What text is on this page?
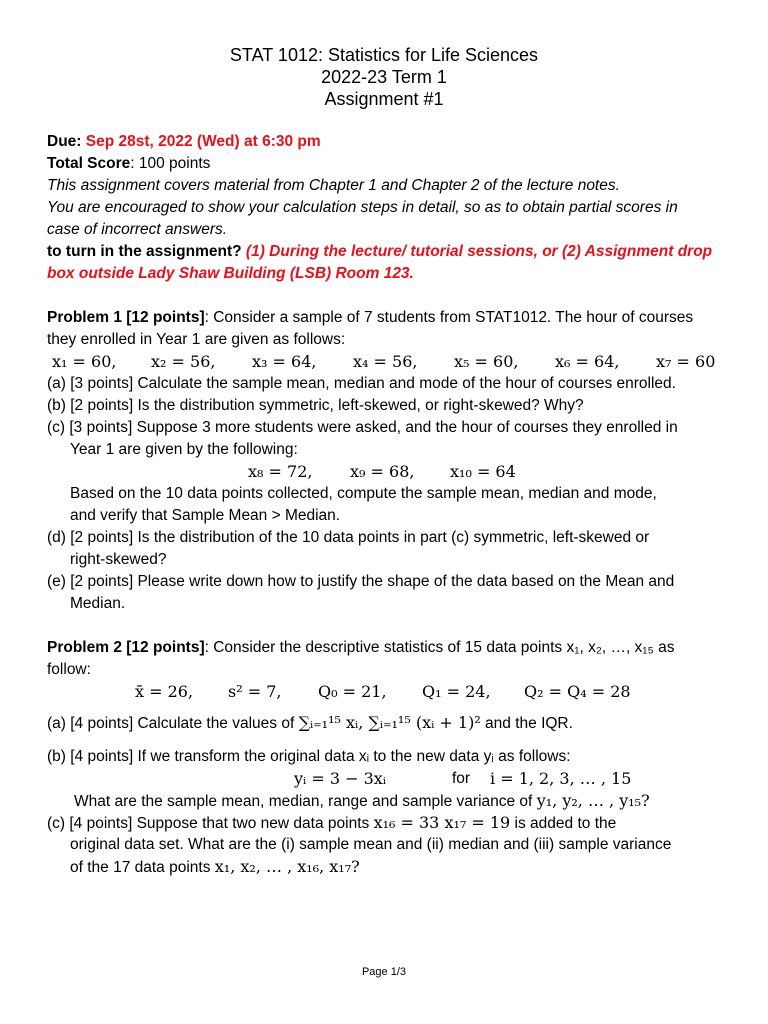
STAT 1012: Statistics for Life Sciences
2022-23 Term 1
Assignment #1
Due: Sep 28st, 2022 (Wed) at 6:30 pm
Total Score: 100 points
This assignment covers material from Chapter 1 and Chapter 2 of the lecture notes.
You are encouraged to show your calculation steps in detail, so as to obtain partial scores in
case of incorrect answers.
to turn in the assignment? (1) During the lecture/ tutorial sessions, or (2) Assignment drop
box outside Lady Shaw Building (LSB) Room 123.
Problem 1 [12 points]: Consider a sample of 7 students from STAT1012. The hour of courses
they enrolled in Year 1 are given as follows:
x₁ = 60, x₂ = 56, x₃ = 64, x₄ = 56, x₅ = 60, x₆ = 64, x₇ = 60
(a) [3 points] Calculate the sample mean, median and mode of the hour of courses enrolled.
(b) [2 points] Is the distribution symmetric, left-skewed, or right-skewed? Why?
(c) [3 points] Suppose 3 more students were asked, and the hour of courses they enrolled in
Year 1 are given by the following:
x₈ = 72, x₉ = 68, x₁₀ = 64
Based on the 10 data points collected, compute the sample mean, median and mode,
and verify that Sample Mean > Median.
(d) [2 points] Is the distribution of the 10 data points in part (c) symmetric, left-skewed or
right-skewed?
(e) [2 points] Please write down how to justify the shape of the data based on the Mean and
Median.
Problem 2 [12 points]: Consider the descriptive statistics of 15 data points x₁, x₂, …, x₁₅ as
follow:
x̄ = 26, s² = 7, Q₀ = 21, Q₁ = 24, Q₂ = Q₄ = 28
(a) [4 points] Calculate the values of ∑ᵢ₌₁¹⁵ xᵢ, ∑ᵢ₌₁¹⁵ (xᵢ + 1)² and the IQR.
(b) [4 points] If we transform the original data xᵢ to the new data yᵢ as follows:
yᵢ = 3 − 3xᵢ	for i = 1, 2, 3, … , 15
What are the sample mean, median, range and sample variance of y₁, y₂, … , y₁₅?
(c) [4 points] Suppose that two new data points x₁₆ = 33 x₁₇ = 19 is added to the
original data set. What are the (i) sample mean and (ii) median and (iii) sample variance
of the 17 data points x₁, x₂, … , x₁₆, x₁₇?
Page 1/3
